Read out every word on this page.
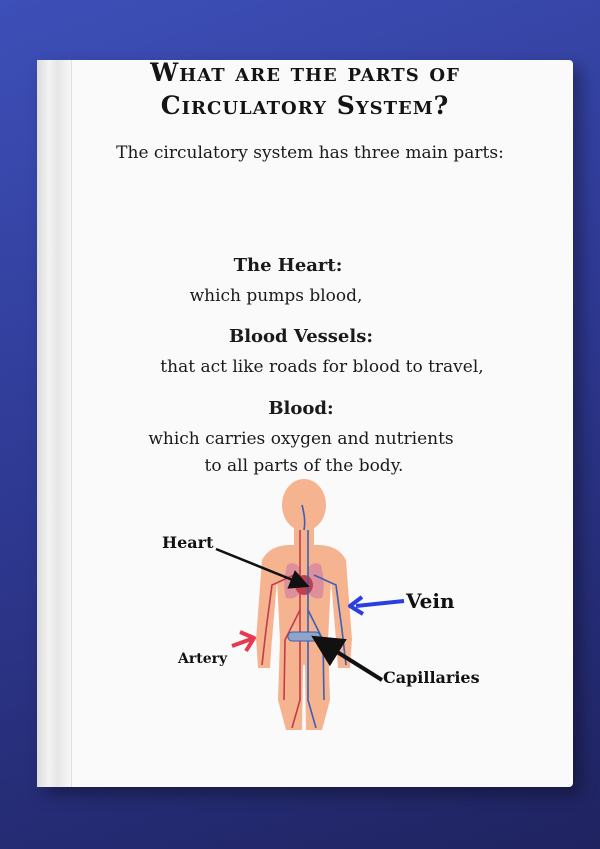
What are the parts of
Circulatory System?
The circulatory system has three main parts:
The Heart:
which pumps blood,
Blood Vessels:
that act like roads for blood to travel,
Blood:
which carries oxygen and nutrients
to all parts of the body.
Heart
Vein
Artery
Capillaries
